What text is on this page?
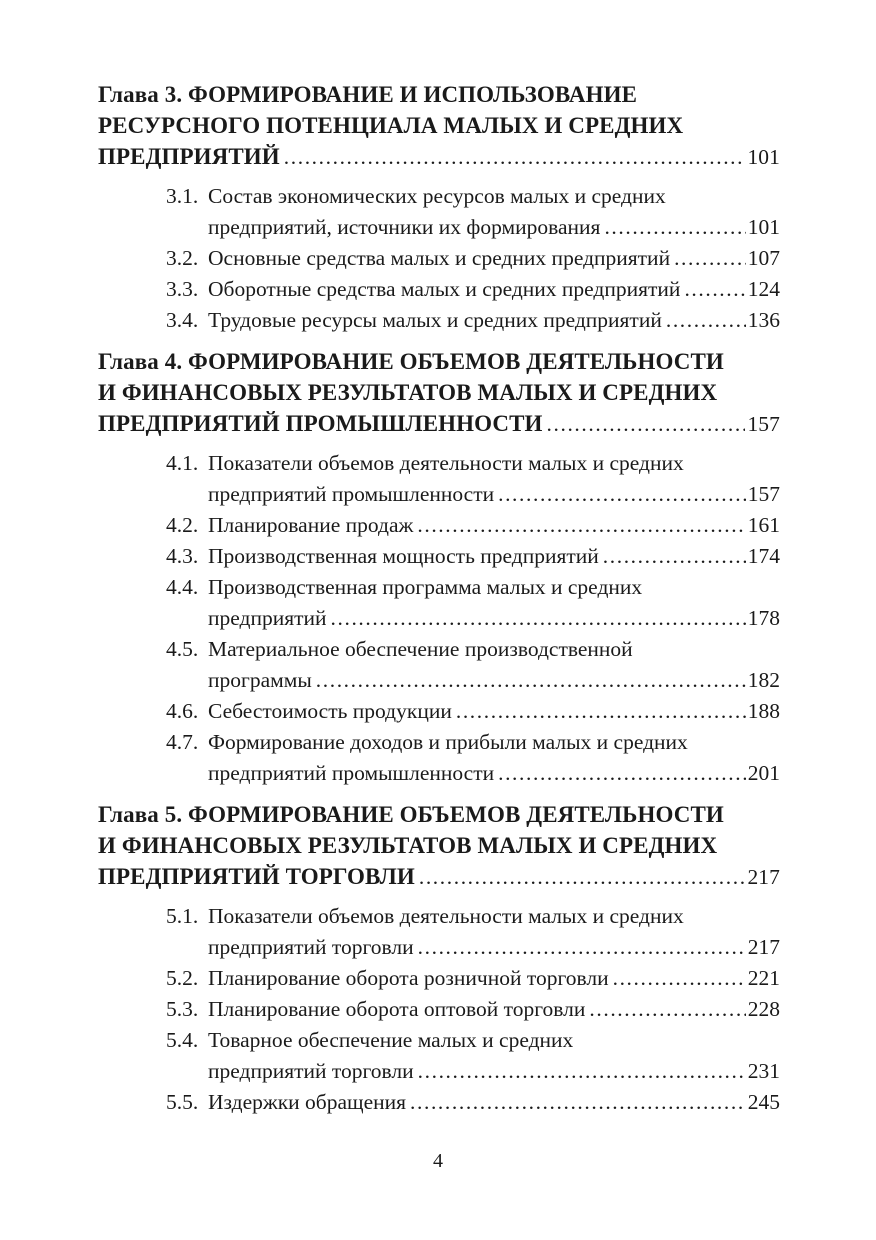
Глава 3. ФОРМИРОВАНИЕ И ИСПОЛЬЗОВАНИЕ
РЕСУРСНОГО ПОТЕНЦИАЛА МАЛЫХ И СРЕДНИХ
ПРЕДПРИЯТИЙ .....	101
3.1. Состав экономических ресурсов малых и средних
предприятий, источники их формирования .....	101
3.2. Основные средства малых и средних предприятий .....	107
3.3. Оборотные средства малых и средних предприятий .....	124
3.4. Трудовые ресурсы малых и средних предприятий .....	136
Глава 4. ФОРМИРОВАНИЕ ОБЪЕМОВ ДЕЯТЕЛЬНОСТИ
И ФИНАНСОВЫХ РЕЗУЛЬТАТОВ МАЛЫХ И СРЕДНИХ
ПРЕДПРИЯТИЙ ПРОМЫШЛЕННОСТИ .....	157
4.1. Показатели объемов деятельности малых и средних
предприятий промышленности .....	157
4.2. Планирование продаж .....	161
4.3. Производственная мощность предприятий .....	174
4.4. Производственная программа малых и средних
предприятий .....	178
4.5. Материальное обеспечение производственной
программы .....	182
4.6. Себестоимость продукции .....	188
4.7. Формирование доходов и прибыли малых и средних
предприятий промышленности .....	201
Глава 5. ФОРМИРОВАНИЕ ОБЪЕМОВ ДЕЯТЕЛЬНОСТИ
И ФИНАНСОВЫХ РЕЗУЛЬТАТОВ МАЛЫХ И СРЕДНИХ
ПРЕДПРИЯТИЙ ТОРГОВЛИ .....	217
5.1. Показатели объемов деятельности малых и средних
предприятий торговли .....	217
5.2. Планирование оборота розничной торговли .....	221
5.3. Планирование оборота оптовой торговли .....	228
5.4. Товарное обеспечение малых и средних
предприятий торговли .....	231
5.5. Издержки обращения .....	245
4
